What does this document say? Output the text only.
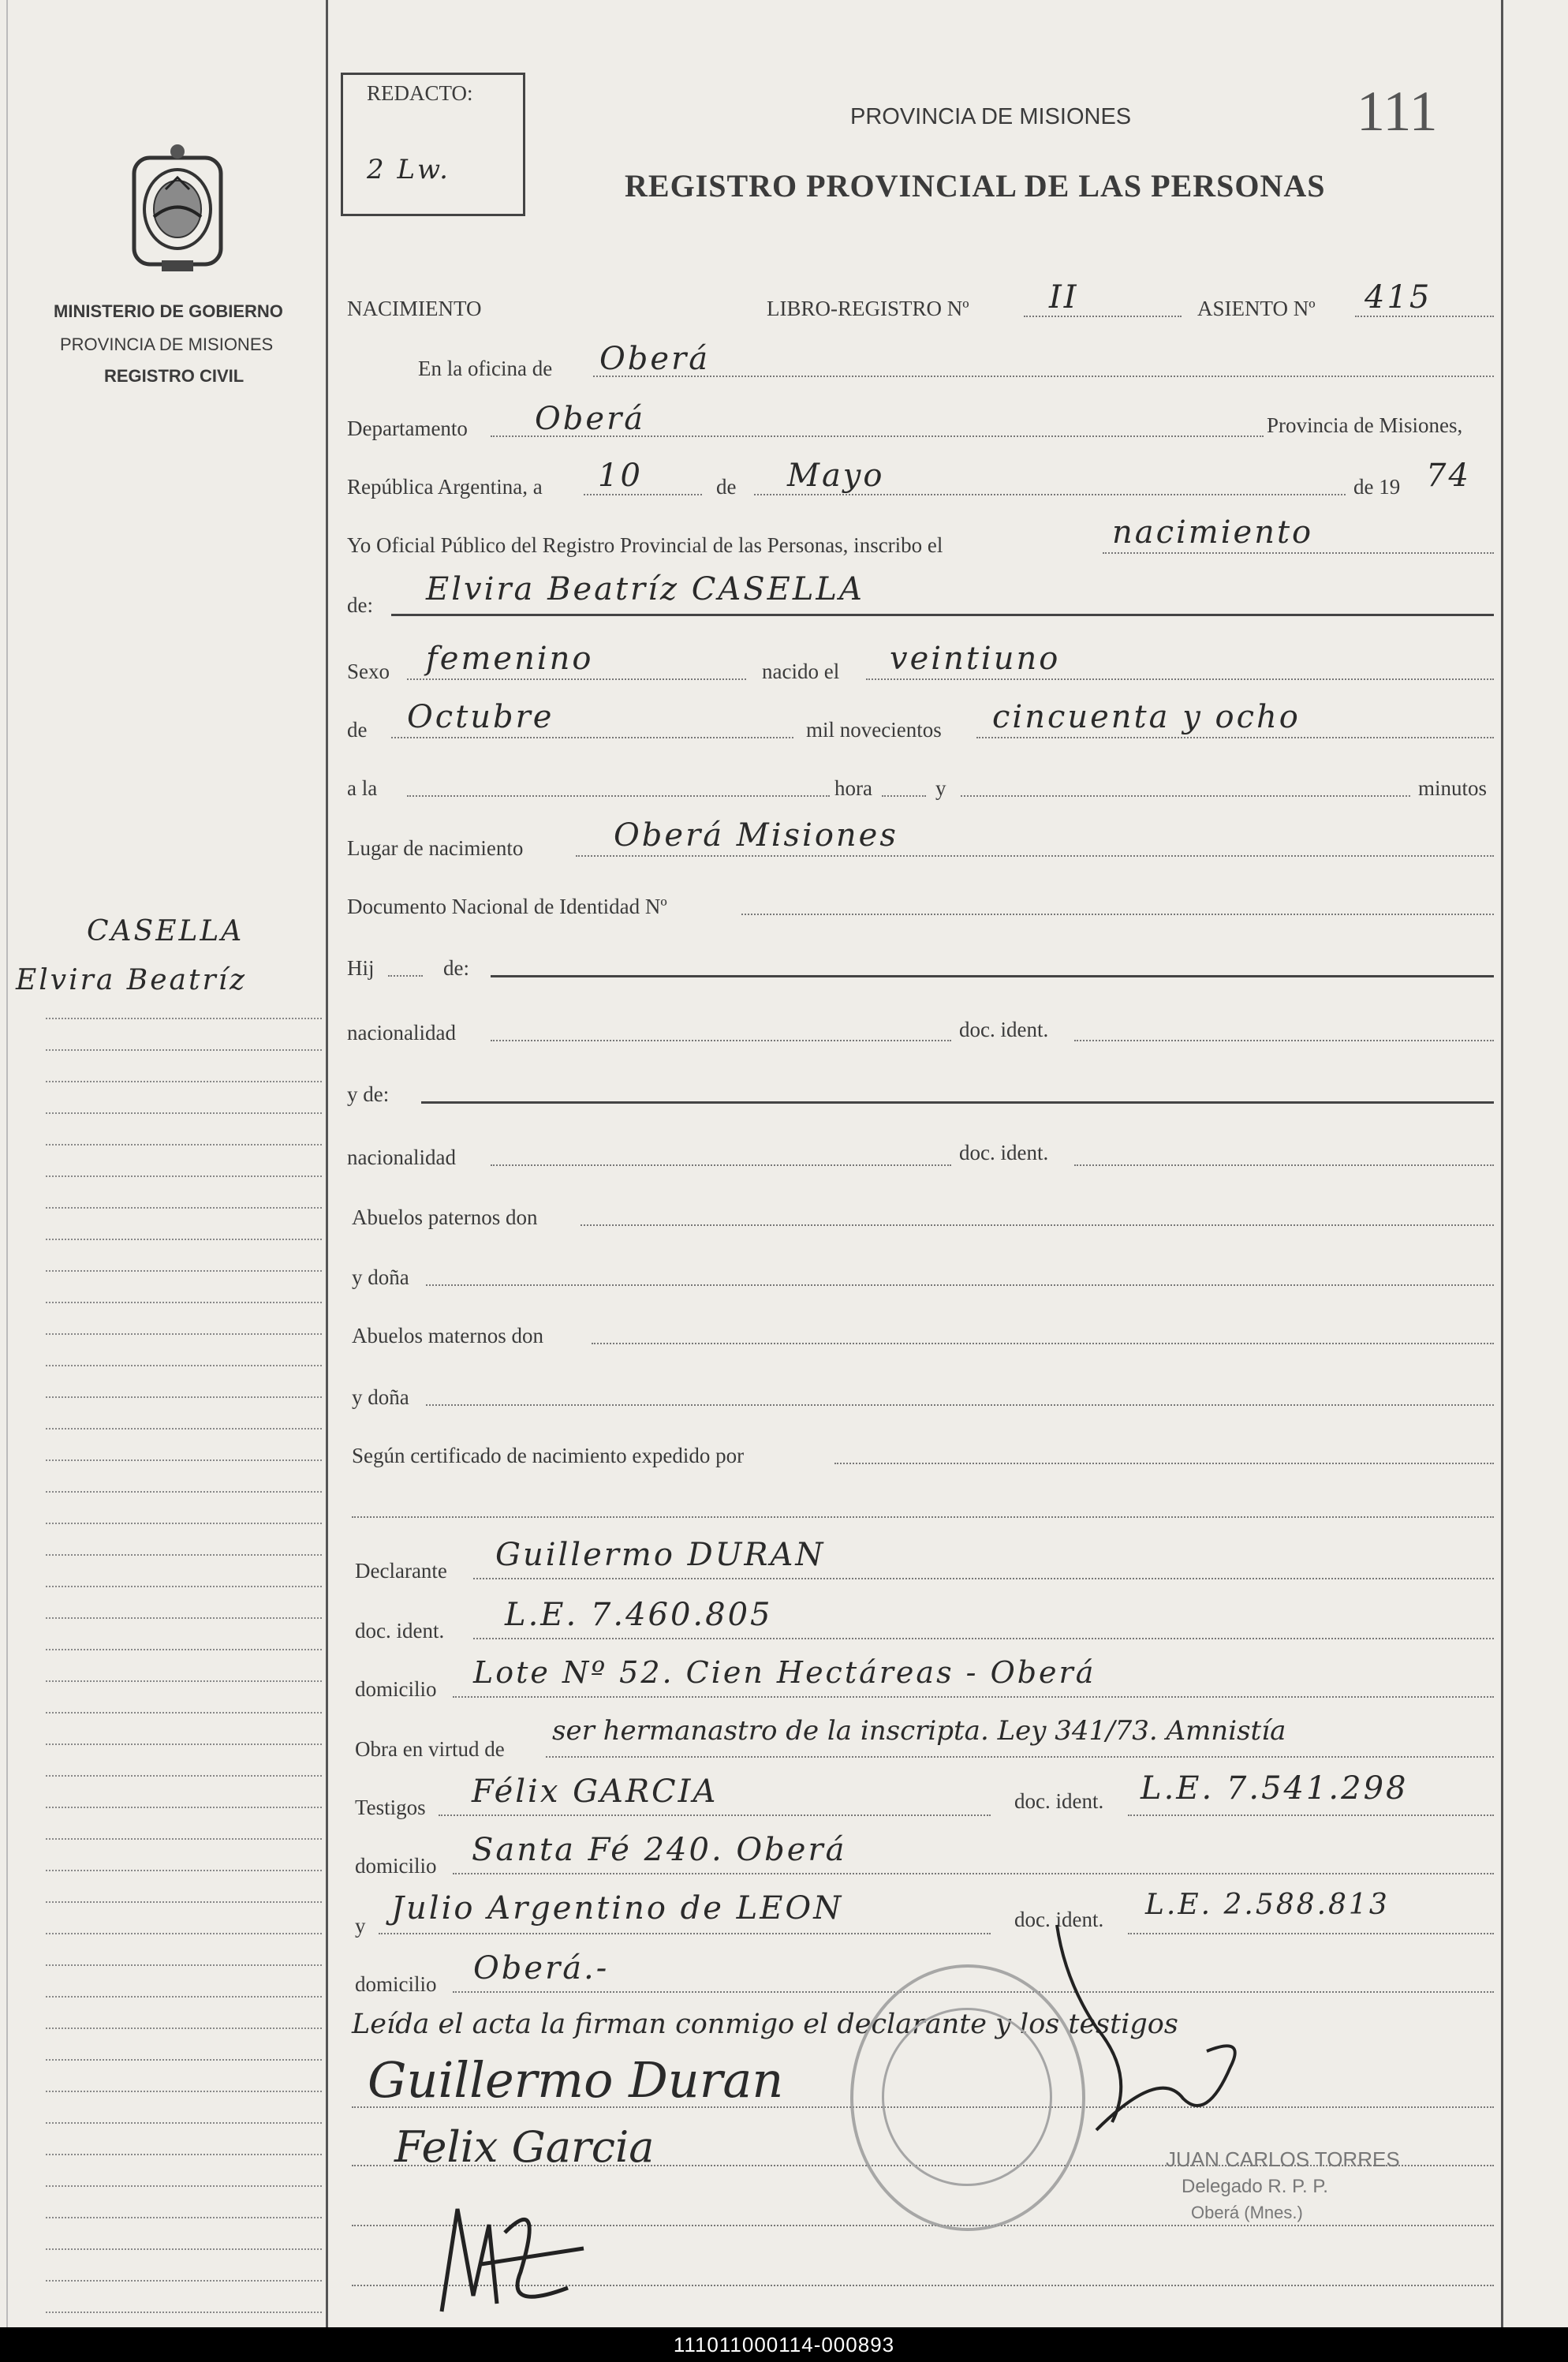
MINISTERIO DE GOBIERNO
PROVINCIA DE MISIONES
REGISTRO CIVIL
CASELLA
Elvira Beatríz
REDACTO:
2 Lw.
PROVINCIA DE MISIONES	111
REGISTRO PROVINCIAL DE LAS PERSONAS
NACIMIENTO	LIBRO-REGISTRO Nº	II	ASIENTO Nº 415
En la oficina de Oberá
Departamento Oberá	Provincia de Misiones,
República Argentina, a 10	de Mayo	de 19 74
Yo Oficial Público del Registro Provincial de las Personas, inscribo el	nacimiento
de: Elvira Beatríz CASELLA
Sexo femenino	nacido el veintiuno
de Octubre	mil novecientos cincuenta y ocho
a la	hora	y	minutos
Lugar de nacimiento	Oberá Misiones
Documento Nacional de Identidad Nº
Hij	de:
nacionalidad	doc. ident.
y de:
nacionalidad	doc. ident.
Abuelos paternos don
y doña
Abuelos maternos don
y doña
Según certificado de nacimiento expedido por
Declarante Guillermo DURAN
doc. ident. L.E. 7.460.805
domicilio Lote Nº 52. Cien Hectáreas - Oberá
Obra en virtud de
ser hermanastro de la inscripta. Ley 341/73. Amnistía
Testigos Félix GARCIA	doc. ident. L.E. 7.541.298
domicilio Santa Fé 240. Oberá
y Julio Argentino de LEON	doc. ident. L.E. 2.588.813
domicilio Oberá.-
Leída el acta la firman conmigo el declarante y los testigos
Guillermo Duran
Felix Garcia	JUAN CARLOS TORRES
Delegado R. P. P.
Oberá (Mnes.)
111011000114-000893
